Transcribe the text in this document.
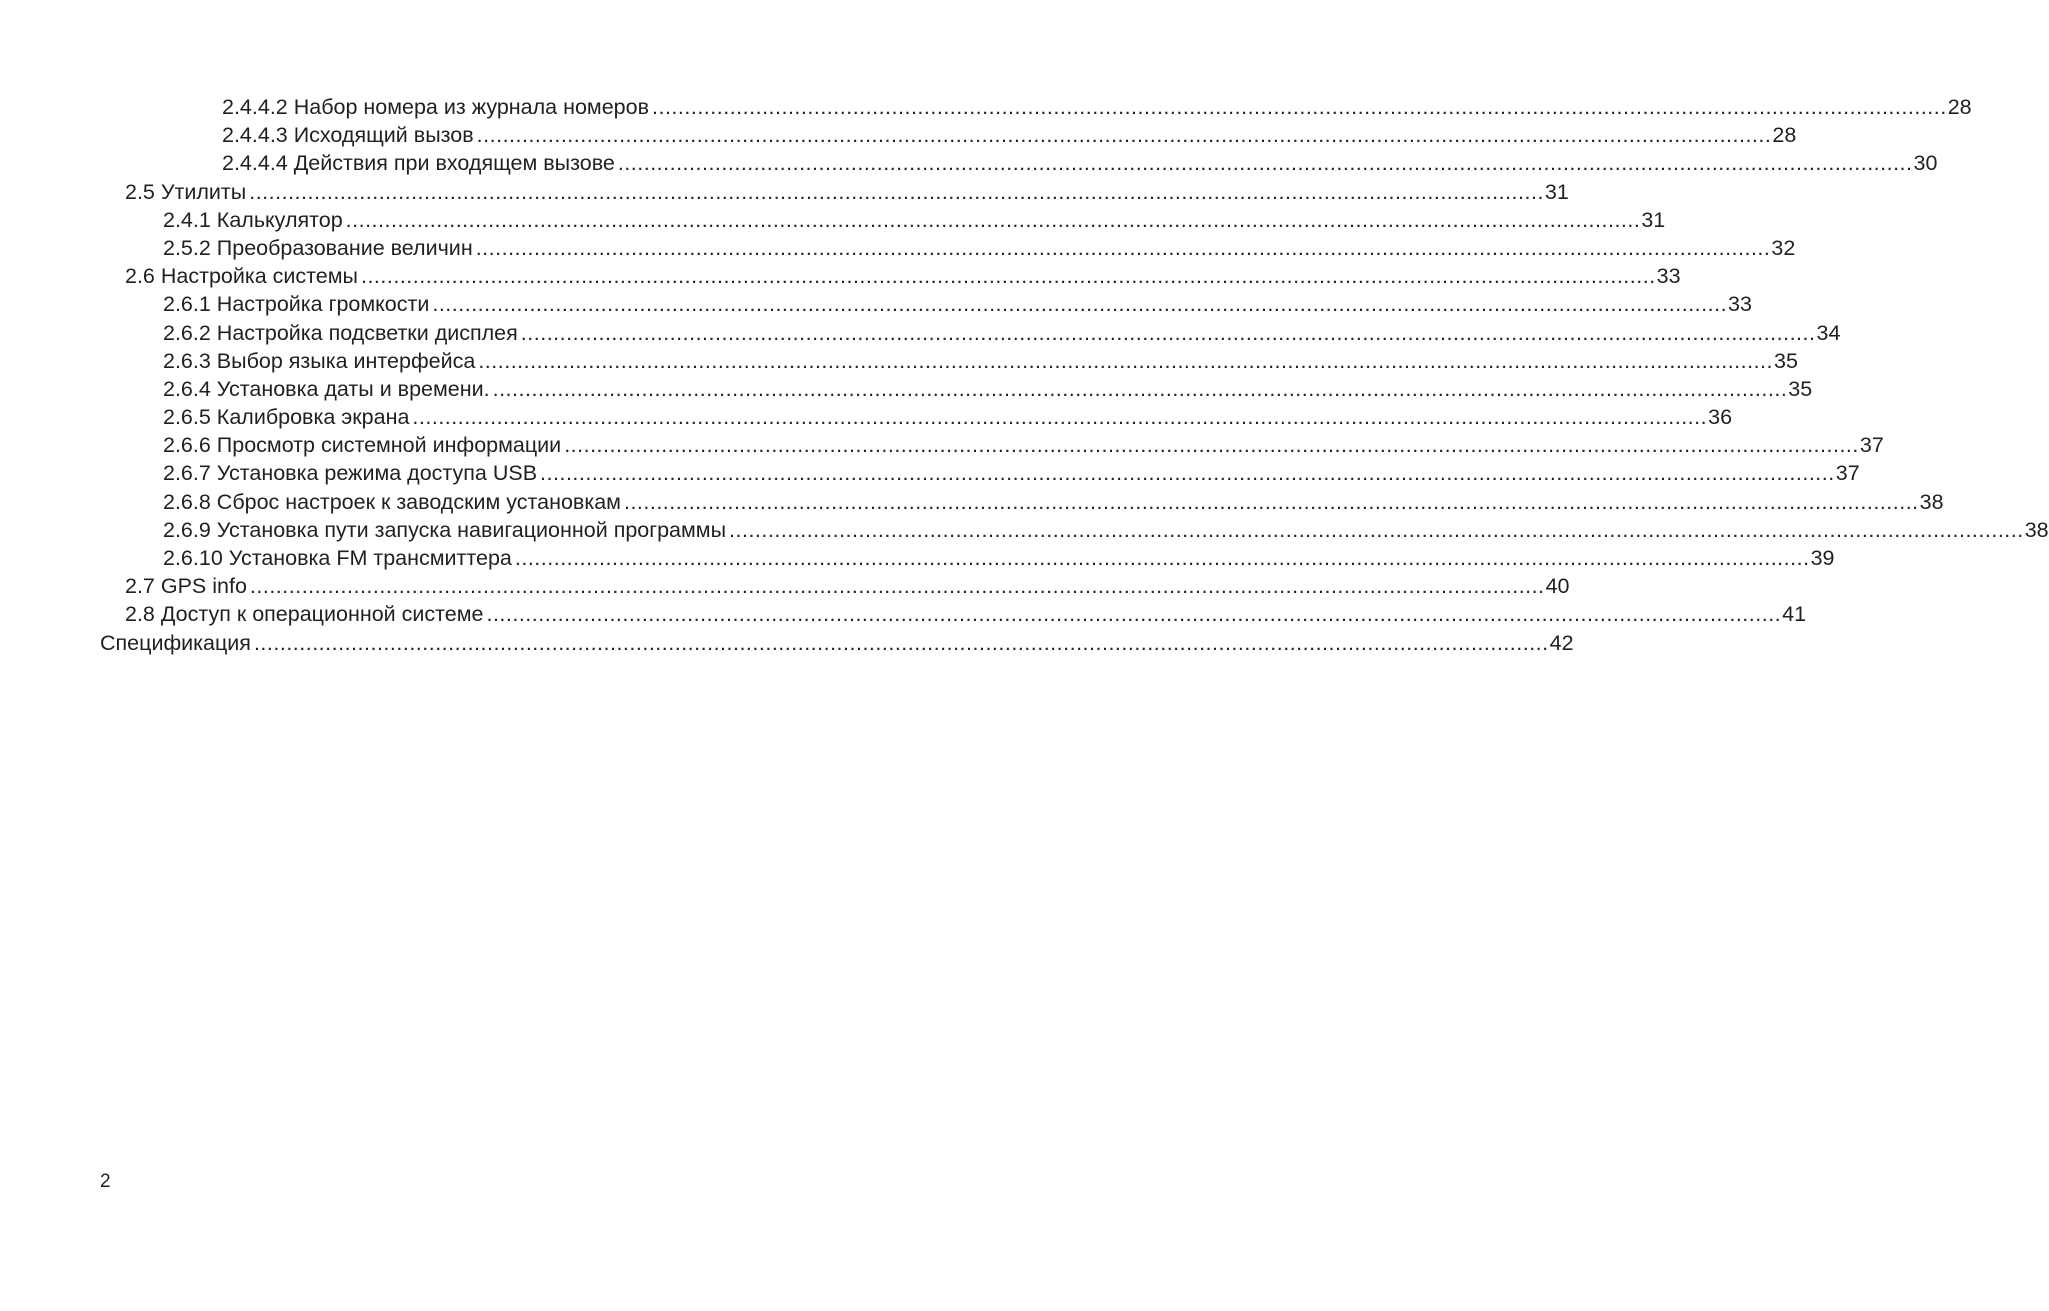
2.4.4.2 Набор номера из журнала номеров ........................................................................................................................................................................................................ 28
2.4.4.3 Исходящий вызов ........................................................................................................................................................................................................ 28
2.4.4.4 Действия при входящем вызове ........................................................................................................................................................................................................ 30
2.5 Утилиты ........................................................................................................................................................................................................ 31
2.4.1 Калькулятор ........................................................................................................................................................................................................ 31
2.5.2 Преобразование величин ........................................................................................................................................................................................................ 32
2.6 Настройка системы ........................................................................................................................................................................................................ 33
2.6.1 Настройка громкости ........................................................................................................................................................................................................ 33
2.6.2 Настройка подсветки дисплея ........................................................................................................................................................................................................ 34
2.6.3 Выбор языка интерфейса ........................................................................................................................................................................................................ 35
2.6.4 Установка даты и времени. ........................................................................................................................................................................................................ 35
2.6.5 Калибровка экрана ........................................................................................................................................................................................................ 36
2.6.6 Просмотр системной информации ........................................................................................................................................................................................................ 37
2.6.7 Установка режима доступа USB ........................................................................................................................................................................................................ 37
2.6.8 Сброс настроек к заводским установкам ........................................................................................................................................................................................................ 38
2.6.9 Установка пути запуска навигационной программы ........................................................................................................................................................................................................ 38
2.6.10 Установка FM трансмиттера ........................................................................................................................................................................................................ 39
2.7 GPS info ........................................................................................................................................................................................................ 40
2.8 Доступ к операционной системе ........................................................................................................................................................................................................ 41
Спецификация ........................................................................................................................................................................................................ 42
2
